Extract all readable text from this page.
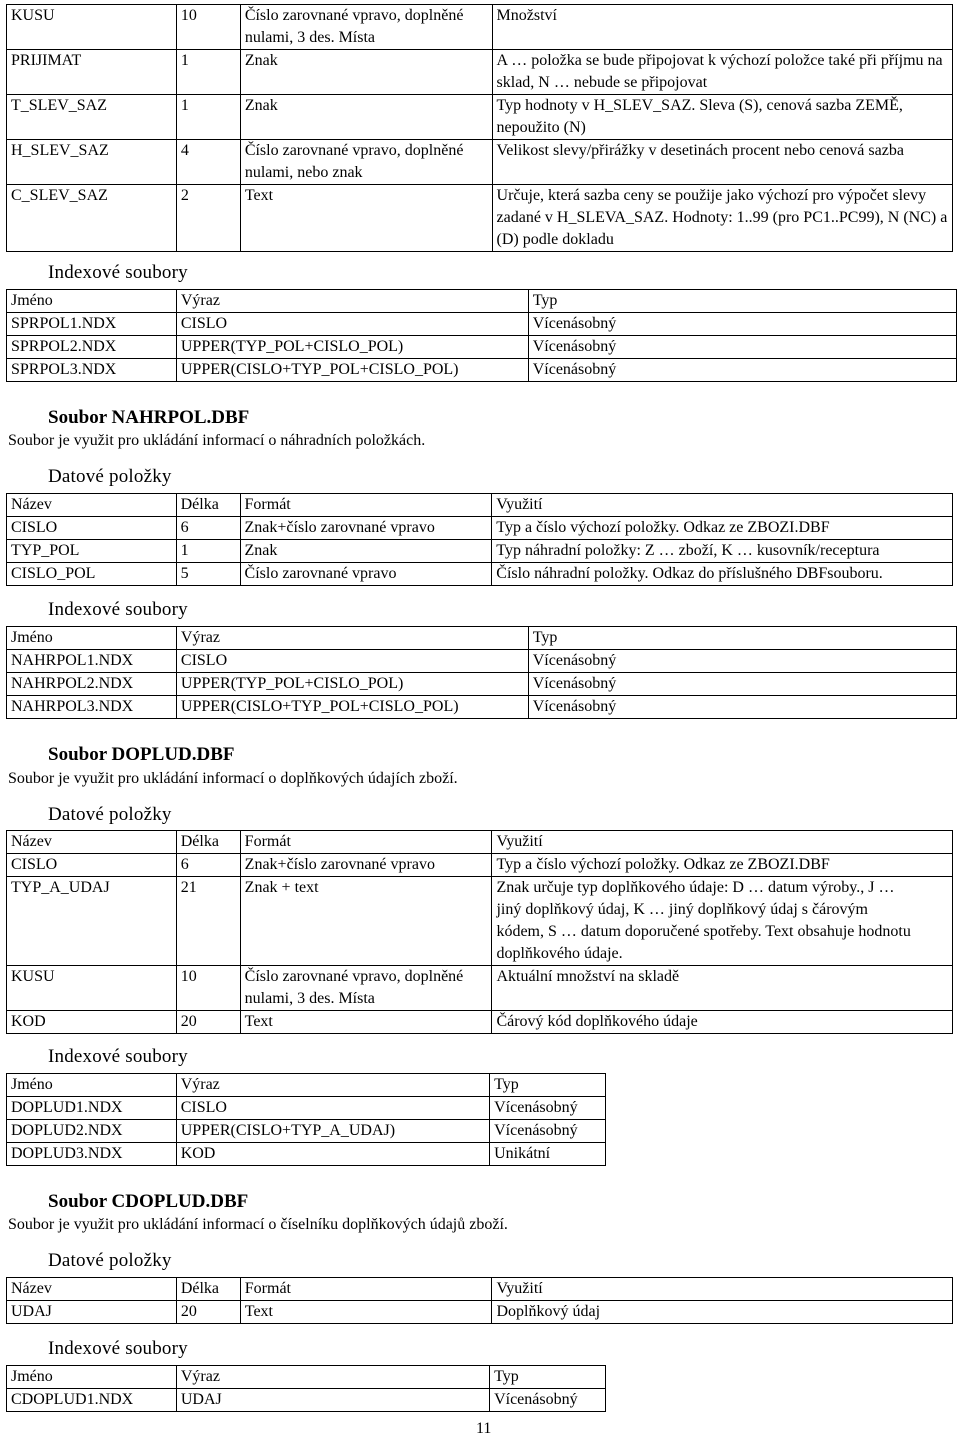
KUSU	10	Číslo zarovnané vpravo, doplněné nulami, 3 des. Místa	Množství
PRIJIMAT	1	Znak	A … položka se bude připojovat k výchozí položce také při příjmu na sklad, N … nebude se připojovat
T_SLEV_SAZ	1	Znak	Typ hodnoty v H_SLEV_SAZ. Sleva (S), cenová sazba ZEMĚ, nepoužito (N)
H_SLEV_SAZ	4	Číslo zarovnané vpravo, doplněné nulami, nebo znak	Velikost slevy/přirážky v desetinách procent nebo cenová sazba
C_SLEV_SAZ	2	Text	Určuje, která sazba ceny se použije jako výchozí pro výpočet slevy zadané v H_SLEVA_SAZ. Hodnoty: 1..99 (pro PC1..PC99), N (NC) a (D) podle dokladu
Indexové soubory
Jméno	Výraz	Typ
SPRPOL1.NDX	CISLO	Vícenásobný
SPRPOL2.NDX	UPPER(TYP_POL+CISLO_POL)	Vícenásobný
SPRPOL3.NDX	UPPER(CISLO+TYP_POL+CISLO_POL)	Vícenásobný
Soubor NAHRPOL.DBF
Soubor je využit pro ukládání informací o náhradních položkách.
Datové položky
Název	Délka	Formát	Využití
CISLO	6	Znak+číslo zarovnané vpravo	Typ a číslo výchozí položky. Odkaz ze ZBOZI.DBF
TYP_POL	1	Znak	Typ náhradní položky: Z … zboží, K … kusovník/receptura
CISLO_POL	5	Číslo zarovnané vpravo	Číslo náhradní položky. Odkaz do příslušného DBFsouboru.
Indexové soubory
Jméno	Výraz	Typ
NAHRPOL1.NDX	CISLO	Vícenásobný
NAHRPOL2.NDX	UPPER(TYP_POL+CISLO_POL)	Vícenásobný
NAHRPOL3.NDX	UPPER(CISLO+TYP_POL+CISLO_POL)	Vícenásobný
Soubor DOPLUD.DBF
Soubor je využit pro ukládání informací o doplňkových údajích zboží.
Datové položky
Název	Délka	Formát	Využití
CISLO	6	Znak+číslo zarovnané vpravo	Typ a číslo výchozí položky. Odkaz ze ZBOZI.DBF
TYP_A_UDAJ	21	Znak + text	Znak určuje typ doplňkového údaje: D … datum výroby., J … jiný doplňkový údaj, K … jiný doplňkový údaj s čárovým kódem, S … datum doporučené spotřeby. Text obsahuje hodnotu doplňkového údaje.
KUSU	10	Číslo zarovnané vpravo, doplněné nulami, 3 des. Místa	Aktuální množství na skladě
KOD	20	Text	Čárový kód doplňkového údaje
Indexové soubory
Jméno	Výraz	Typ
DOPLUD1.NDX	CISLO	Vícenásobný
DOPLUD2.NDX	UPPER(CISLO+TYP_A_UDAJ)	Vícenásobný
DOPLUD3.NDX	KOD	Unikátní
Soubor CDOPLUD.DBF
Soubor je využit pro ukládání informací o číselníku doplňkových údajů zboží.
Datové položky
Název	Délka	Formát	Využití
UDAJ	20	Text	Doplňkový údaj
Indexové soubory
Jméno	Výraz	Typ
CDOPLUD1.NDX	UDAJ	Vícenásobný
11
